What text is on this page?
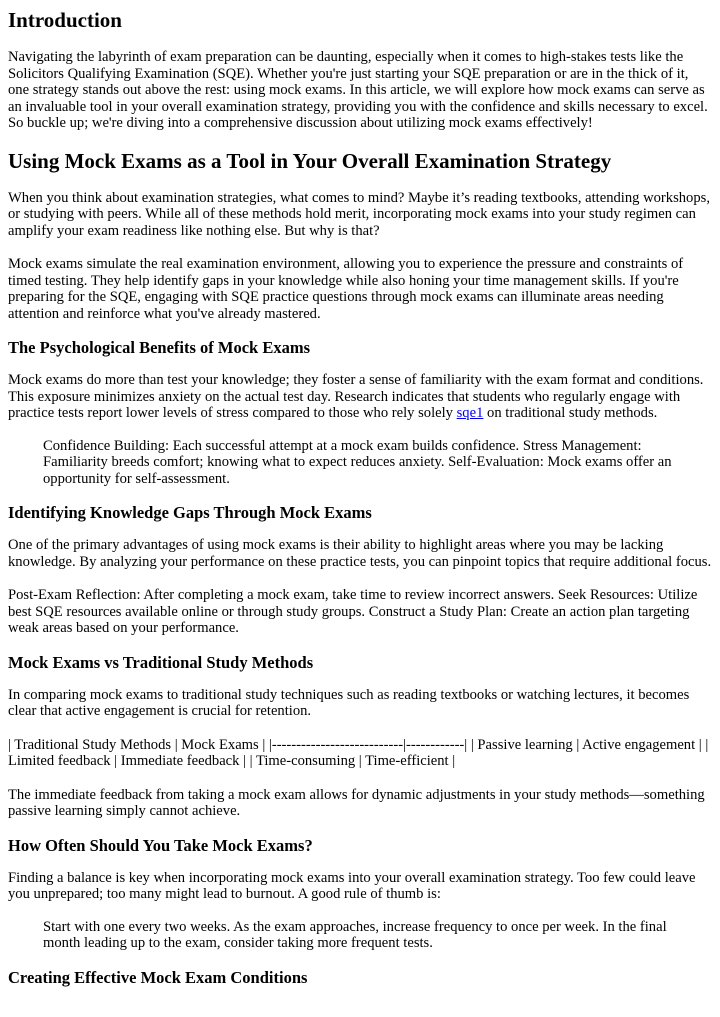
Introduction

Navigating the labyrinth of exam preparation can be daunting, especially when it comes to high-stakes tests like the Solicitors Qualifying Examination (SQE). Whether you're just starting your SQE preparation or are in the thick of it, one strategy stands out above the rest: using mock exams. In this article, we will explore how mock exams can serve as an invaluable tool in your overall examination strategy, providing you with the confidence and skills necessary to excel. So buckle up; we're diving into a comprehensive discussion about utilizing mock exams effectively!

Using Mock Exams as a Tool in Your Overall Examination Strategy

When you think about examination strategies, what comes to mind? Maybe it’s reading textbooks, attending workshops, or studying with peers. While all of these methods hold merit, incorporating mock exams into your study regimen can amplify your exam readiness like nothing else. But why is that?

Mock exams simulate the real examination environment, allowing you to experience the pressure and constraints of timed testing. They help identify gaps in your knowledge while also honing your time management skills. If you're preparing for the SQE, engaging with SQE practice questions through mock exams can illuminate areas needing attention and reinforce what you've already mastered.

The Psychological Benefits of Mock Exams

Mock exams do more than test your knowledge; they foster a sense of familiarity with the exam format and conditions. This exposure minimizes anxiety on the actual test day. Research indicates that students who regularly engage with practice tests report lower levels of stress compared to those who rely solely sqe1 on traditional study methods.

Confidence Building: Each successful attempt at a mock exam builds confidence. Stress Management: Familiarity breeds comfort; knowing what to expect reduces anxiety. Self-Evaluation: Mock exams offer an opportunity for self-assessment.
Identifying Knowledge Gaps Through Mock Exams

One of the primary advantages of using mock exams is their ability to highlight areas where you may be lacking knowledge. By analyzing your performance on these practice tests, you can pinpoint topics that require additional focus.

Post-Exam Reflection: After completing a mock exam, take time to review incorrect answers. Seek Resources: Utilize best SQE resources available online or through study groups. Construct a Study Plan: Create an action plan targeting weak areas based on your performance.

Mock Exams vs Traditional Study Methods

In comparing mock exams to traditional study techniques such as reading textbooks or watching lectures, it becomes clear that active engagement is crucial for retention.

| Traditional Study Methods | Mock Exams | |---------------------------|------------| | Passive learning | Active engagement | | Limited feedback | Immediate feedback | | Time-consuming | Time-efficient |

The immediate feedback from taking a mock exam allows for dynamic adjustments in your study methods—something passive learning simply cannot achieve.

How Often Should You Take Mock Exams?

Finding a balance is key when incorporating mock exams into your overall examination strategy. Too few could leave you unprepared; too many might lead to burnout. A good rule of thumb is:

Start with one every two weeks. As the exam approaches, increase frequency to once per week. In the final month leading up to the exam, consider taking more frequent tests.
Creating Effective Mock Exam Conditions
